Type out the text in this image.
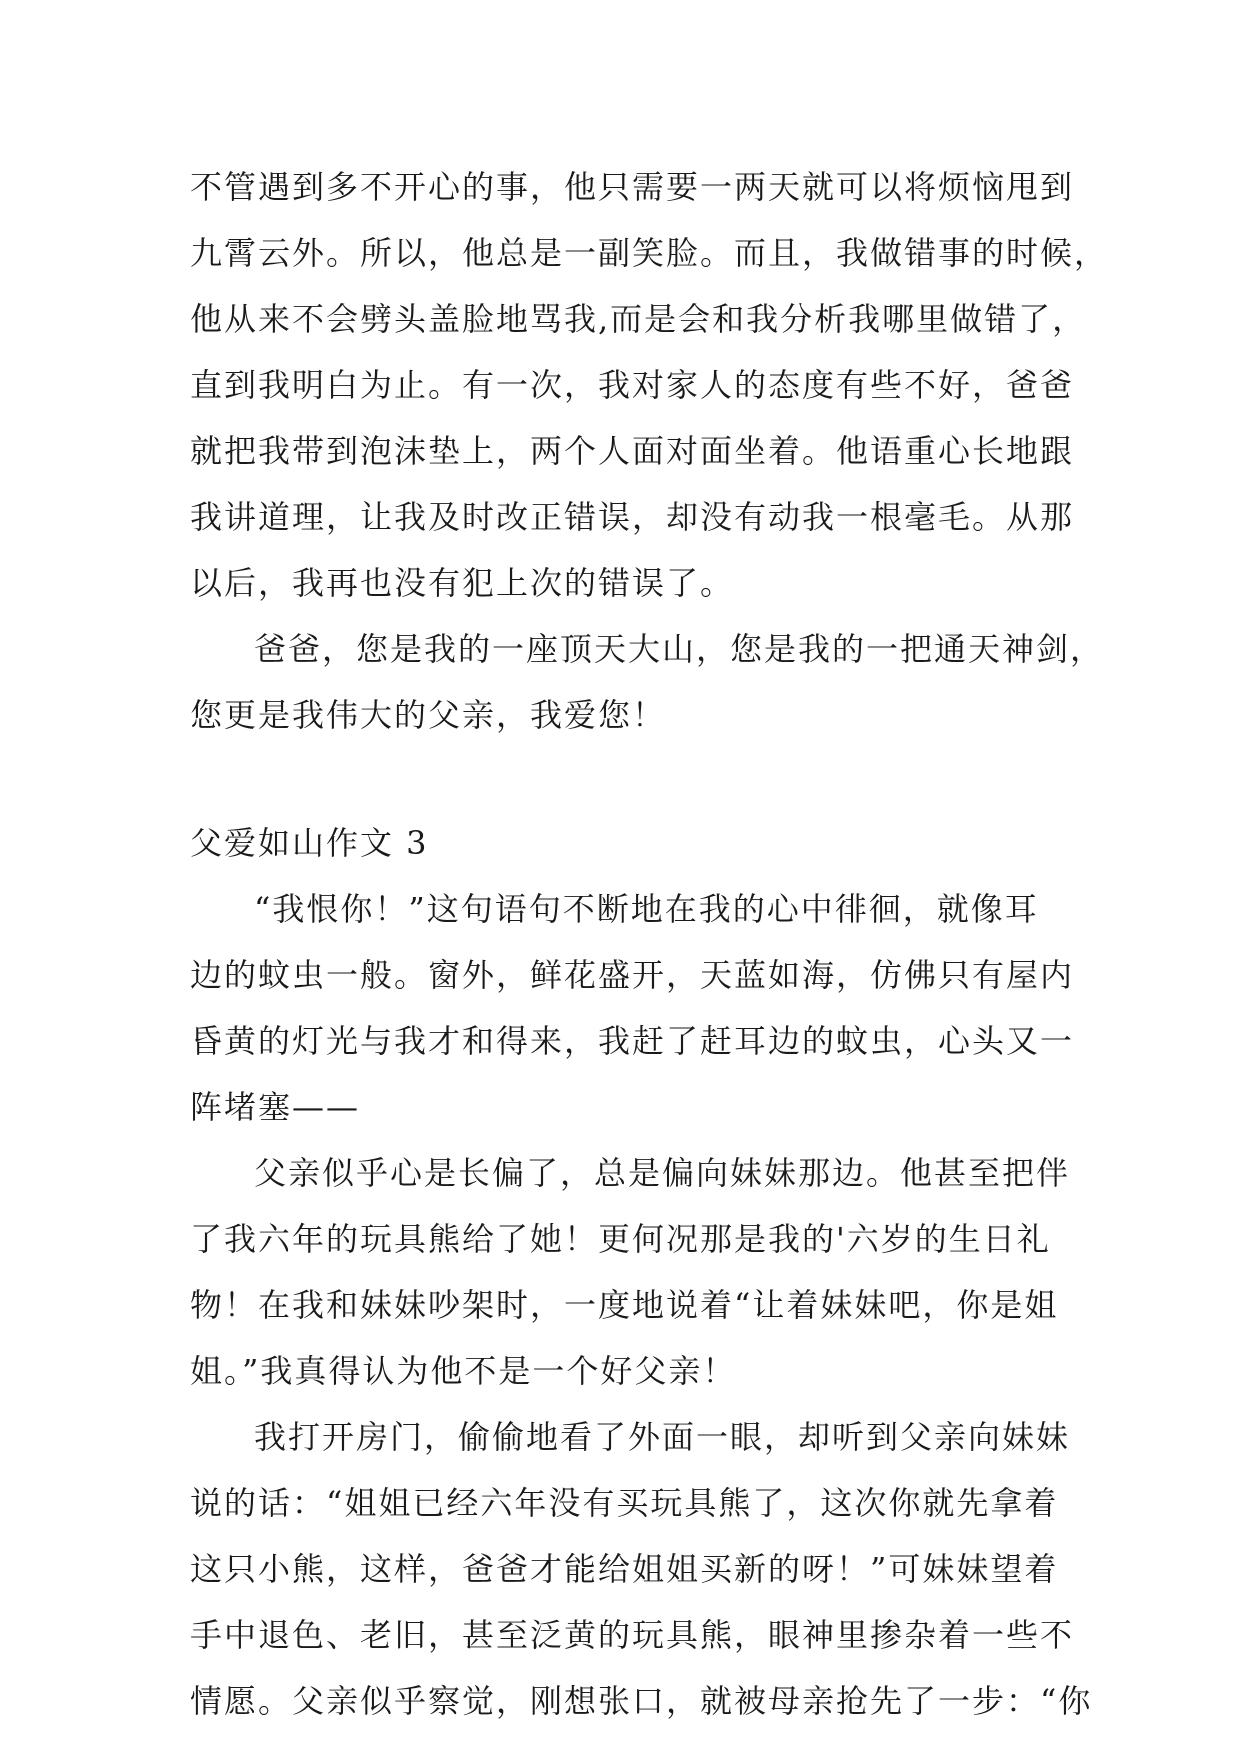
不管遇到多不开心的事，他只需要一两天就可以将烦恼甩到
九霄云外。所以，他总是一副笑脸。而且，我做错事的时候，
他从来不会劈头盖脸地骂我,而是会和我分析我哪里做错了，
直到我明白为止。有一次，我对家人的态度有些不好，爸爸
就把我带到泡沫垫上，两个人面对面坐着。他语重心长地跟
我讲道理，让我及时改正错误，却没有动我一根毫毛。从那
以后，我再也没有犯上次的错误了。
爸爸，您是我的一座顶天大山，您是我的一把通天神剑，
您更是我伟大的父亲，我爱您！
父爱如山作文 3
“我恨你！”这句语句不断地在我的心中徘徊，就像耳
边的蚊虫一般。窗外，鲜花盛开，天蓝如海，仿佛只有屋内
昏黄的灯光与我才和得来，我赶了赶耳边的蚊虫，心头又一
阵堵塞——
父亲似乎心是长偏了，总是偏向妹妹那边。他甚至把伴
了我六年的玩具熊给了她！更何况那是我的'六岁的生日礼
物！在我和妹妹吵架时，一度地说着“让着妹妹吧，你是姐
姐。”我真得认为他不是一个好父亲！
我打开房门，偷偷地看了外面一眼，却听到父亲向妹妹
说的话：“姐姐已经六年没有买玩具熊了，这次你就先拿着
这只小熊，这样，爸爸才能给姐姐买新的呀！”可妹妹望着
手中退色、老旧，甚至泛黄的玩具熊，眼神里掺杂着一些不
情愿。父亲似乎察觉，刚想张口，就被母亲抢先了一步：“你
